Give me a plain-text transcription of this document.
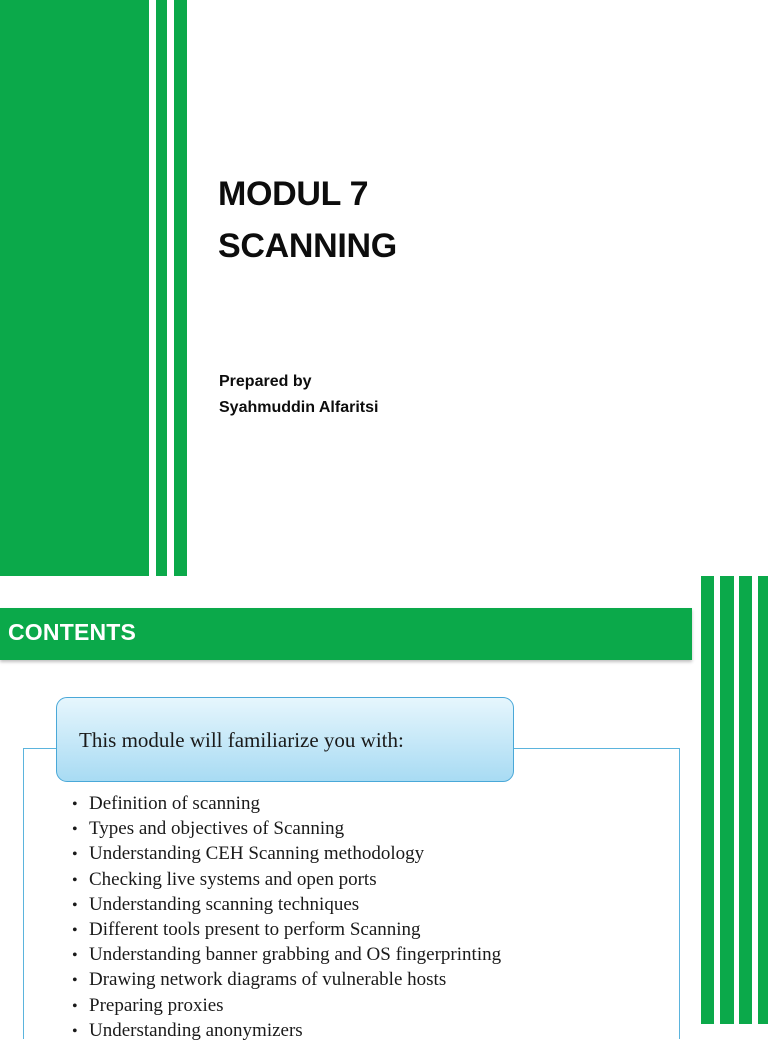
MODUL 7
SCANNING
Prepared by
Syahmuddin Alfaritsi
CONTENTS
This module will familiarize you with:
• Definition of scanning
• Types and objectives of Scanning
• Understanding CEH Scanning methodology
• Checking live systems and open ports
• Understanding scanning techniques
• Different tools present to perform Scanning
• Understanding banner grabbing and OS fingerprinting
• Drawing network diagrams of vulnerable hosts
• Preparing proxies
• Understanding anonymizers
